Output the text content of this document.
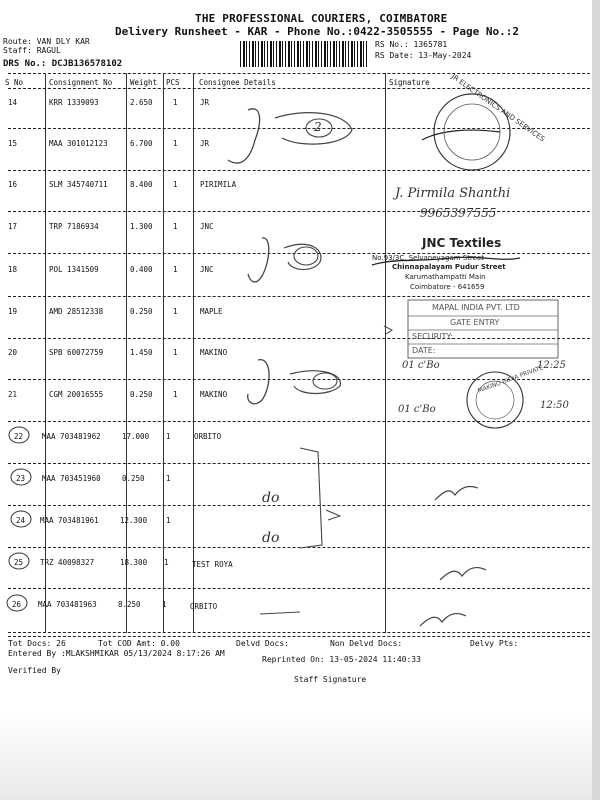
THE PROFESSIONAL COURIERS, COIMBATORE
Delivery Runsheet - KAR - Phone No.:0422-3505555 - Page No.:2
Route: VAN DLY KAR
Staff: RAGUL
DRS No.: DCJB136578102
RS No.: 1365781
RS Date: 13-May-2024
S No	Consignment No Weight PCS	Consignee Details	Signature
14	KRR 1339093	2.650	1	JR
15	MAA 301012123	6.700	1	JR
16	SLM 345740711	8.400	1	PIRIMILA
17	TRP 7186934	1.300	1	JNC
18	POL 1341509	0.400	1	JNC
19	AMD 28512338	0.250	1	MAPLE
20	SPB 60072759	1.450	1	MAKINO
21	CGM 20016555	0.250	1	MAKINO
22	MAA 703481962	17.000 1	ORBITO
23 MAA 703451960	0.250	1
24 MAA 703481961	12.300	1
25 TRZ 40098327	18.300 1	TEST ROYA
26 MAA 703481963	8.250	1	ORBITO
JR ELECTRONICS AND SERVICES
JNC Textiles
No.93/3C, Selvaneyagam Street
Chinnapalayam Pudur Street
Karumathampatti Main
Coimbatore - 641659
MAPAL INDIA PVT. LTD
GATE ENTRY
SECURITY:
DATE:
MAKINO INDIA PRIVATE
J. Pirmila Shanthi
9965397555
01 c'Bo	12:25
01 c'Bo	12:50
do
do
2
Tot Docs: 26	Tot COD Amt: 0.00	Delvd Docs:	Non Delvd Docs:	Delvy Pts:
Entered By :MLAKSHMIKAR 05/13/2024 8:17:26 AM
Reprinted On: 13-05-2024 11:40:33
Verified By
Staff Signature
